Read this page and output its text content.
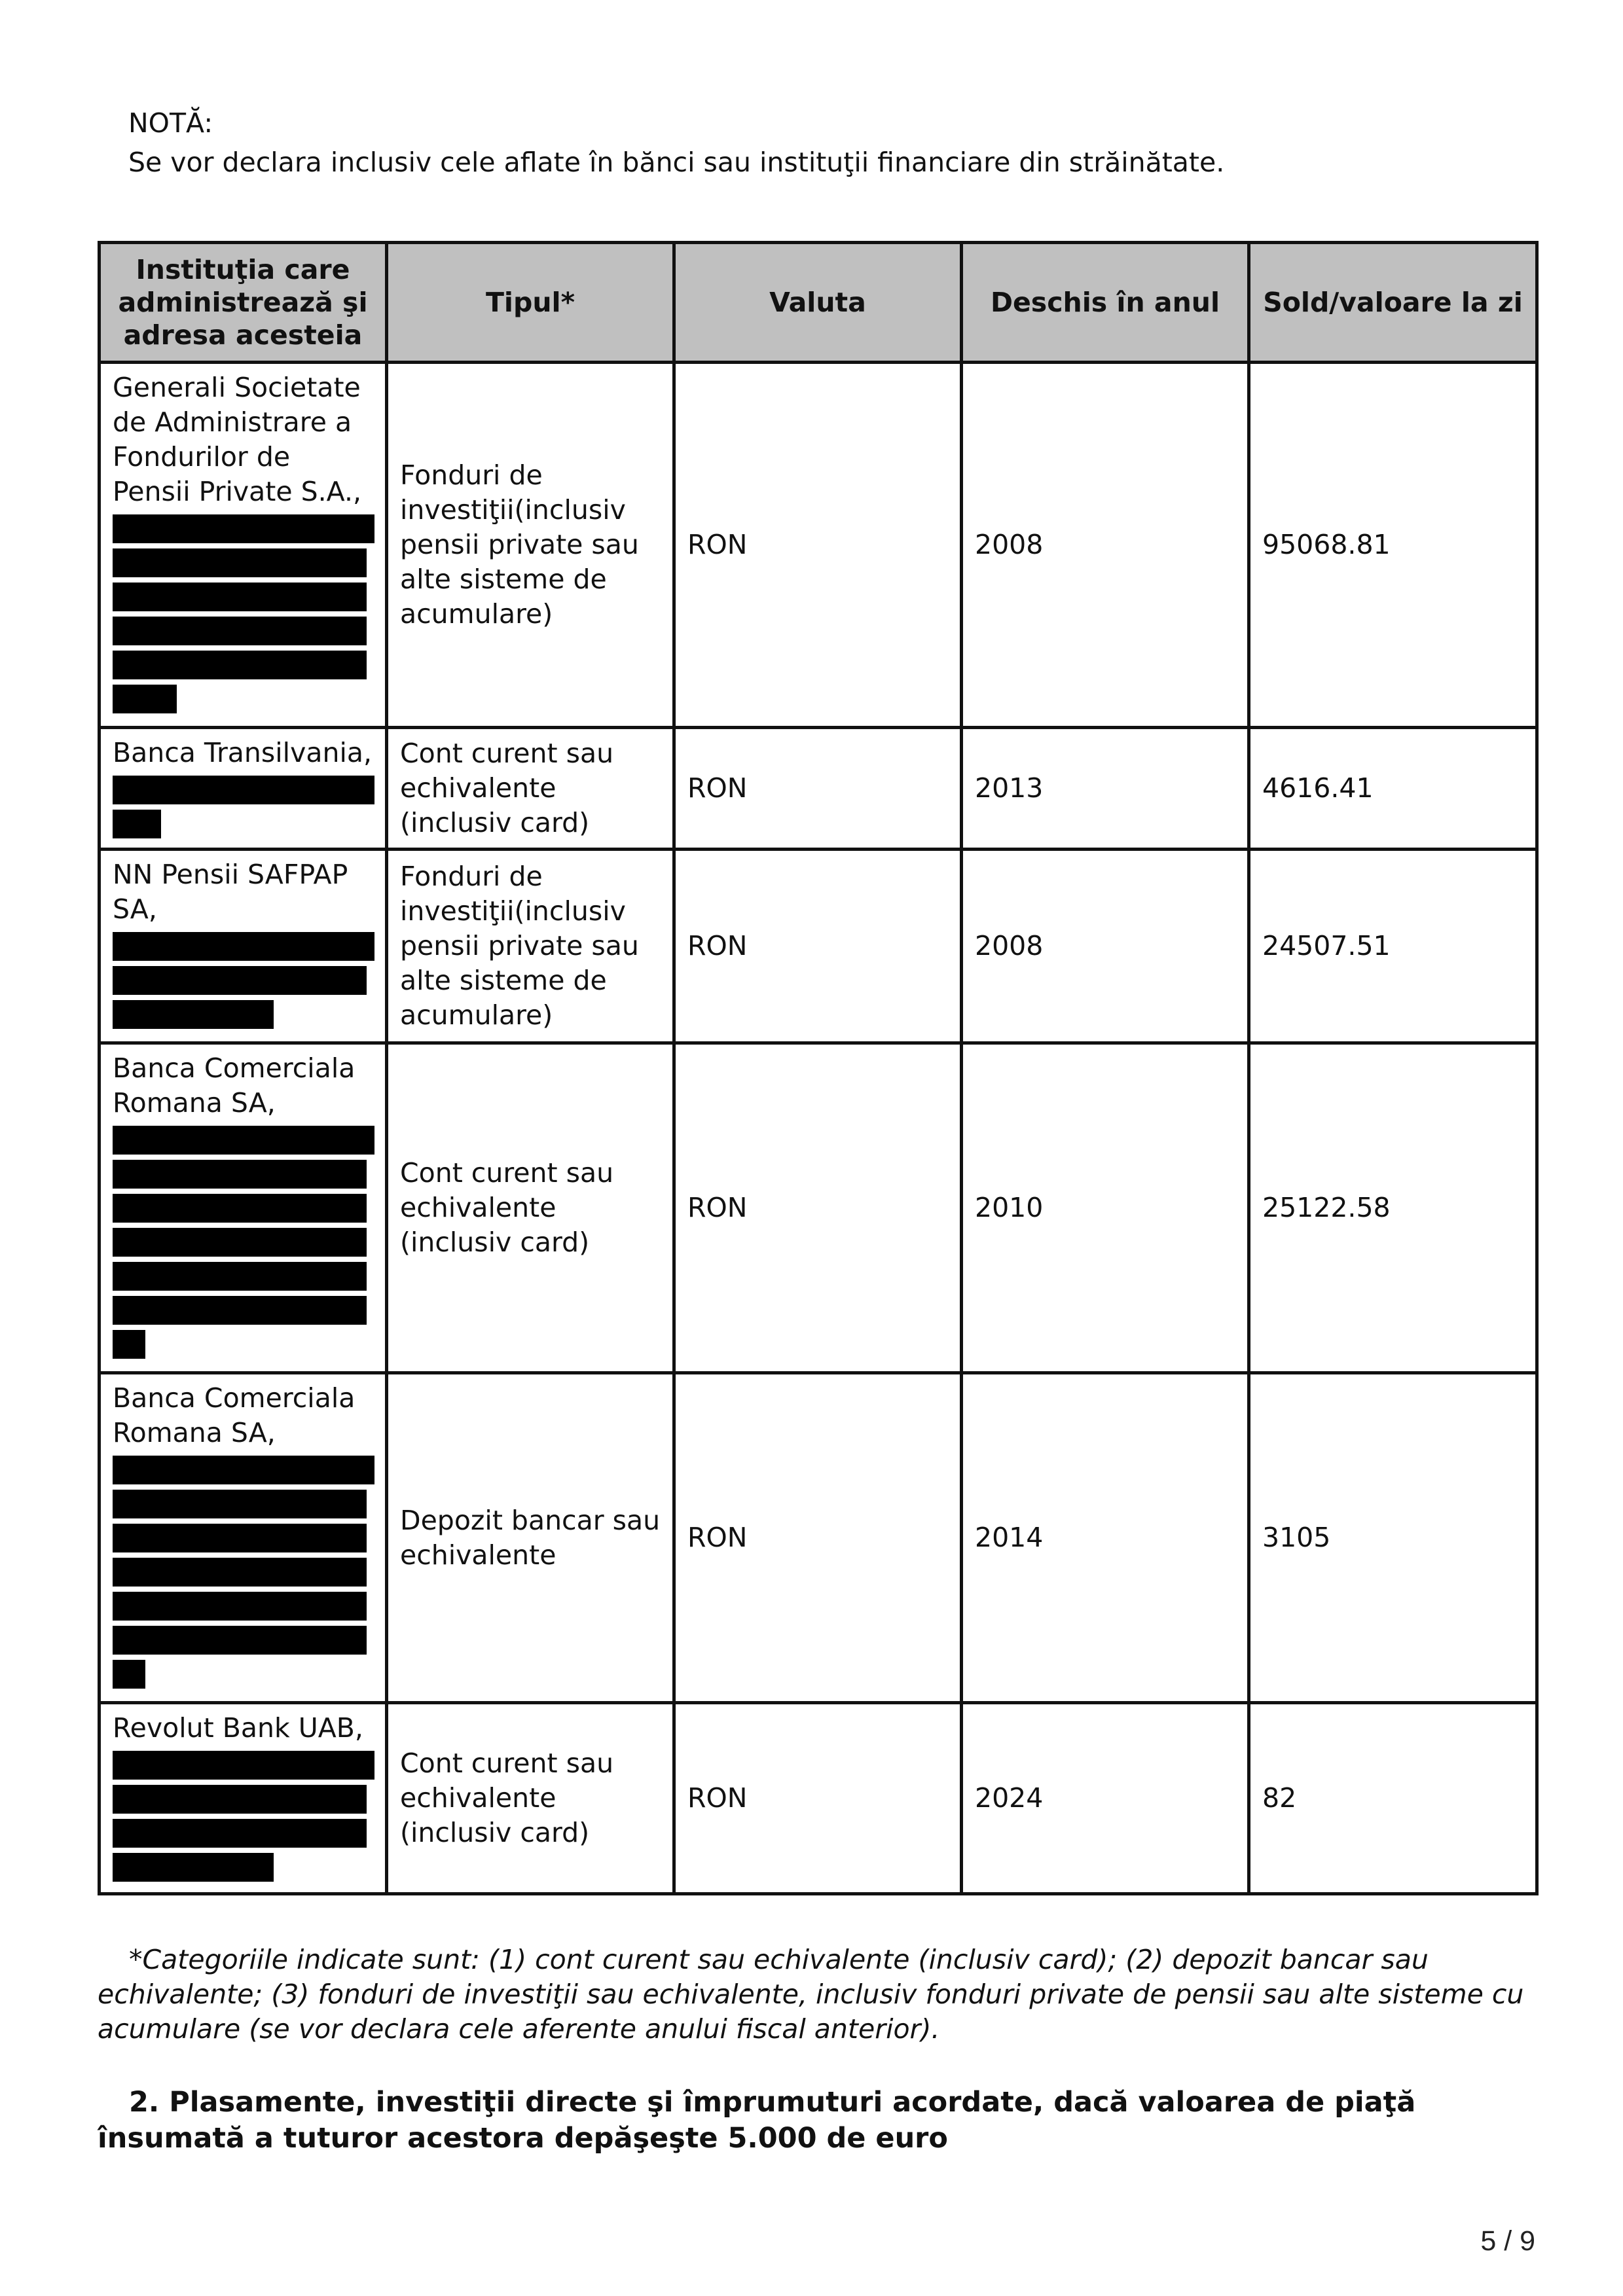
NOTĂ:
Se vor declara inclusiv cele aflate în bănci sau instituţii financiare din străinătate.
Instituţia care administrează şi adresa acesteia	Tipul*	Valuta	Deschis în anul	Sold/valoare la zi

Generali Societate de Administrare a Fondurilor de Pensii Private S.A.,	Fonduri de investiţii(inclusiv pensii private sau alte sisteme de acumulare)	RON	2008	95068.81

Banca Transilvania,	Cont curent sau echivalente (inclusiv card)	RON	2013	4616.41

NN Pensii SAFPAP SA,	Fonduri de investiţii(inclusiv pensii private sau alte sisteme de acumulare)	RON	2008	24507.51

Banca Comerciala Romana SA,	Cont curent sau echivalente (inclusiv card)	RON	2010	25122.58

Banca Comerciala Romana SA,	Depozit bancar sau echivalente	RON	2014	3105

Revolut Bank UAB,	Cont curent sau echivalente (inclusiv card)	RON	2024	82
*Categoriile indicate sunt: (1) cont curent sau echivalente (inclusiv card); (2) depozit bancar sau echivalente; (3) fonduri de investiţii sau echivalente, inclusiv fonduri private de pensii sau alte sisteme cu acumulare (se vor declara cele aferente anului fiscal anterior).
2. Plasamente, investiţii directe şi împrumuturi acordate, dacă valoarea de piaţă însumată a tuturor acestora depăşeşte 5.000 de euro
5 / 9
